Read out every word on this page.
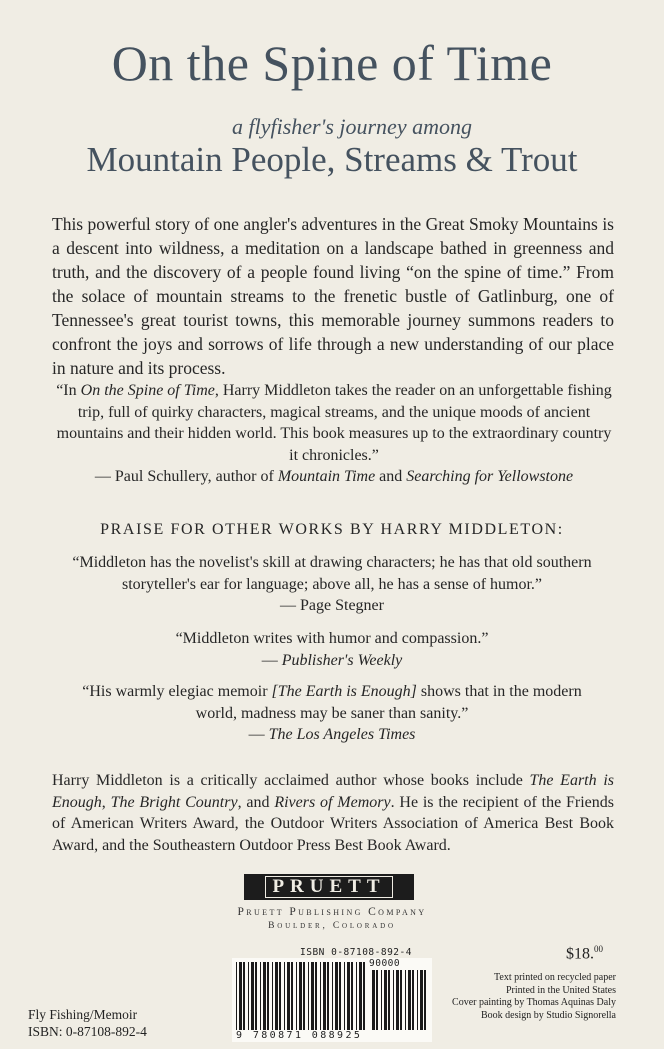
On the Spine of Time
a flyfisher's journey among
Mountain People, Streams & Trout
This powerful story of one angler's adventures in the Great Smoky Mountains is a descent into wildness, a meditation on a landscape bathed in greenness and truth, and the discovery of a people found living “on the spine of time.” From the solace of mountain streams to the frenetic bustle of Gatlinburg, one of Tennessee's great tourist towns, this memorable journey summons readers to confront the joys and sorrows of life through a new understanding of our place in nature and its process.
“In On the Spine of Time, Harry Middleton takes the reader on an unforgettable fishing trip, full of quirky characters, magical streams, and the unique moods of ancient mountains and their hidden world. This book measures up to the extraordinary country it chronicles.”
— Paul Schullery, author of Mountain Time and Searching for Yellowstone
PRAISE FOR OTHER WORKS BY HARRY MIDDLETON:
“Middleton has the novelist's skill at drawing characters; he has that old southern storyteller's ear for language; above all, he has a sense of humor.”
— Page Stegner
“Middleton writes with humor and compassion.”
— Publisher's Weekly
“His warmly elegiac memoir [The Earth is Enough] shows that in the modern world, madness may be saner than sanity.”
— The Los Angeles Times
Harry Middleton is a critically acclaimed author whose books include The Earth is Enough, The Bright Country, and Rivers of Memory. He is the recipient of the Friends of American Writers Award, the Outdoor Writers Association of America Best Book Award, and the Southeastern Outdoor Press Best Book Award.
PRUETT
Pruett Publishing Company
Boulder, Colorado
ISBN 0-87108-892-4	$18.00
90000
9 780871 088925
Fly Fishing/Memoir
ISBN: 0-87108-892-4
Text printed on recycled paper
Printed in the United States
Cover painting by Thomas Aquinas Daly
Book design by Studio Signorella
